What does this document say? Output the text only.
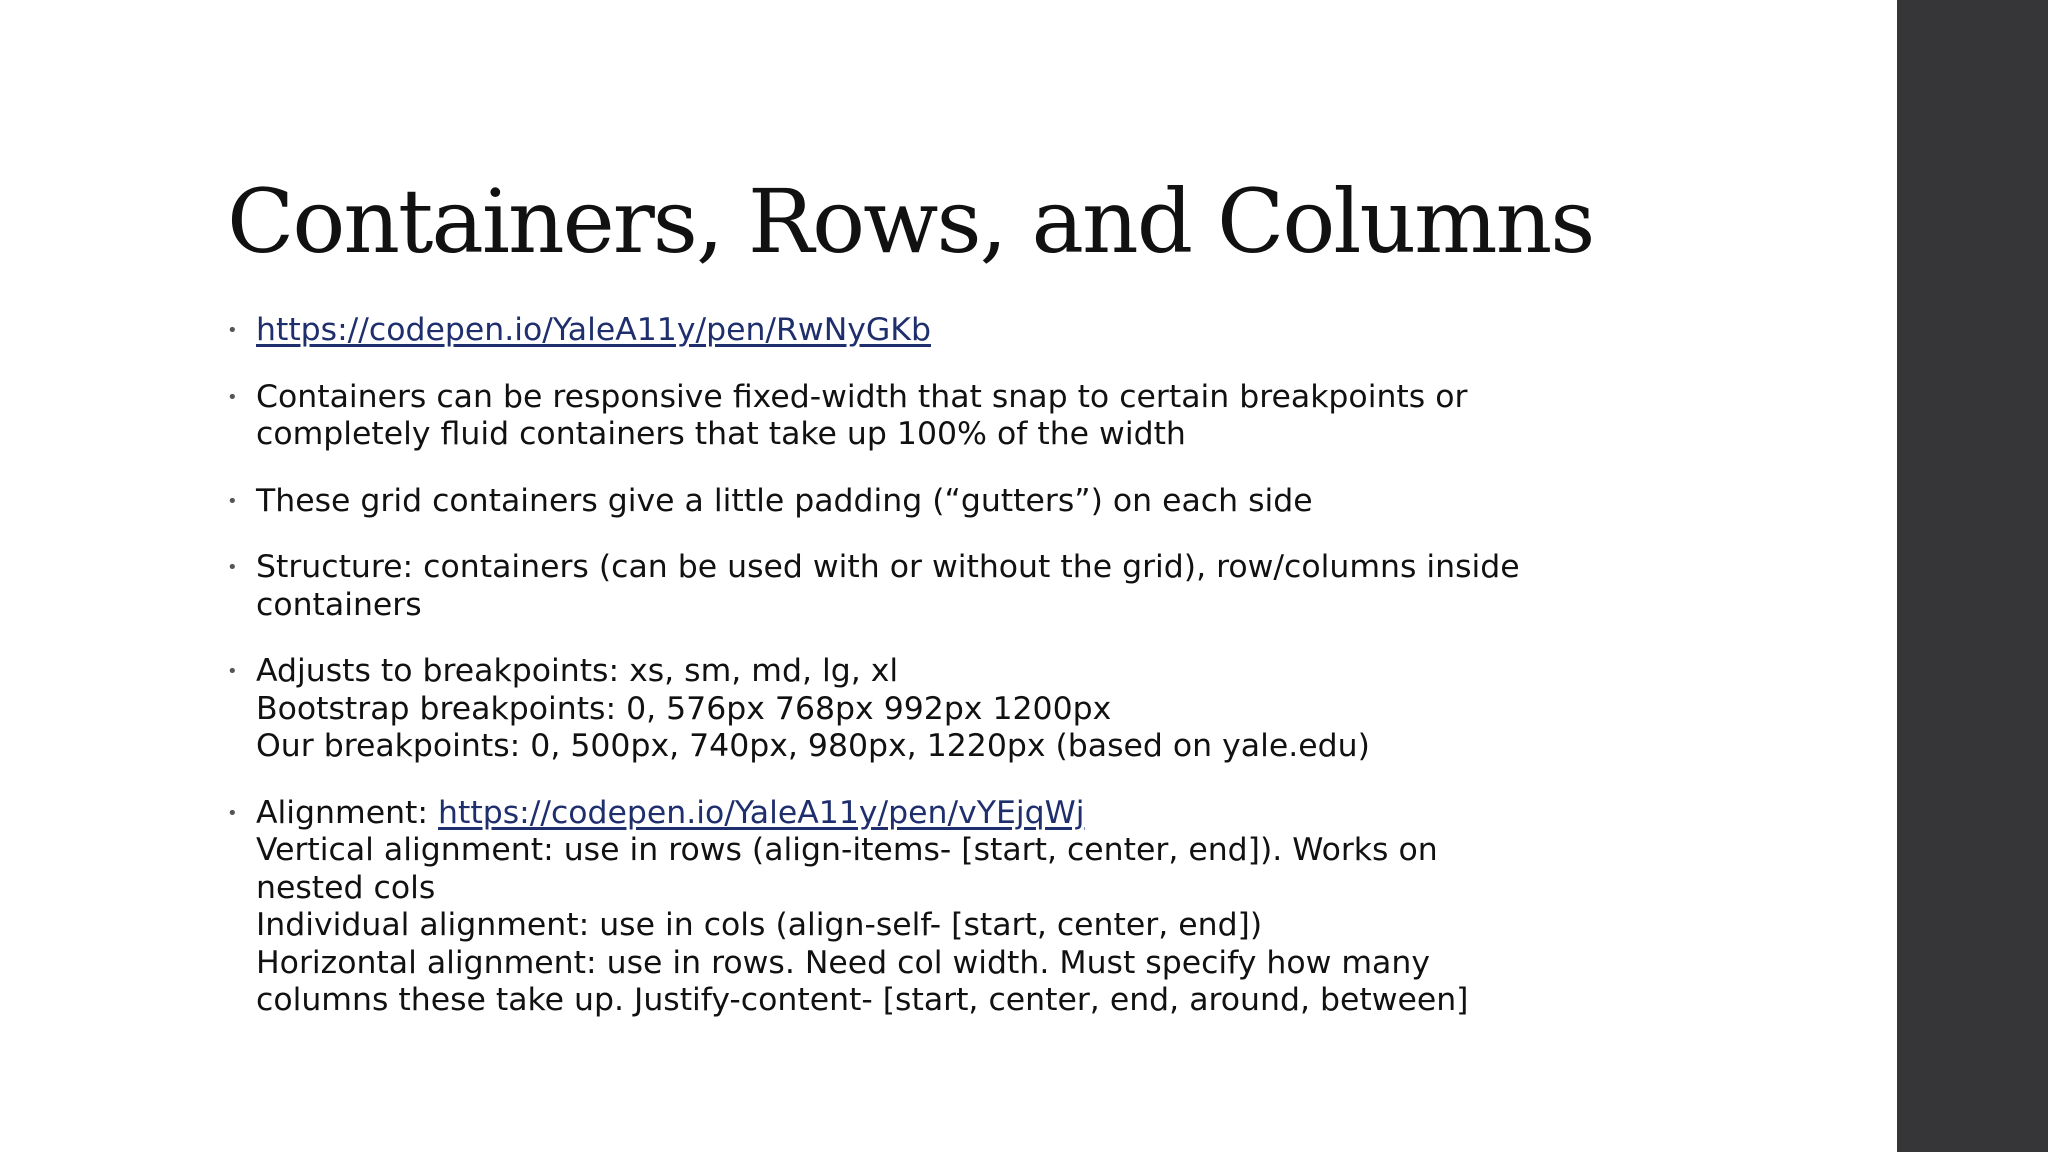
Containers, Rows, and Columns
• https://codepen.io/YaleA11y/pen/RwNyGKb
• Containers can be responsive fixed-width that snap to certain breakpoints or
completely fluid containers that take up 100% of the width
• These grid containers give a little padding (“gutters”) on each side
• Structure: containers (can be used with or without the grid), row/columns inside
containers
• Adjusts to breakpoints: xs, sm, md, lg, xl
Bootstrap breakpoints: 0, 576px 768px 992px 1200px
Our breakpoints: 0, 500px, 740px, 980px, 1220px (based on yale.edu)
• Alignment: https://codepen.io/YaleA11y/pen/vYEjqWj
Vertical alignment: use in rows (align-items- [start, center, end]). Works on
nested cols
Individual alignment: use in cols (align-self- [start, center, end])
Horizontal alignment: use in rows. Need col width. Must specify how many
columns these take up. Justify-content- [start, center, end, around, between]
